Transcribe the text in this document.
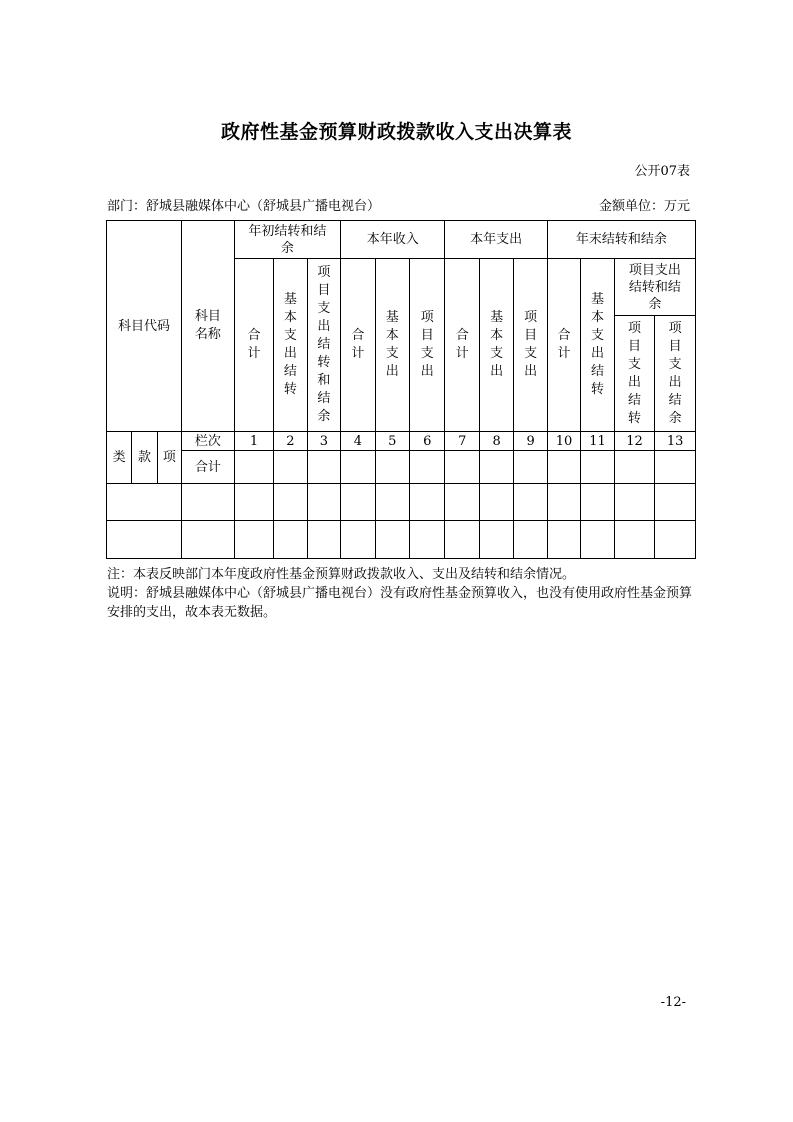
政府性基金预算财政拨款收入支出决算表
公开07表
部门：舒城县融媒体中心（舒城县广播电视台）	金额单位：万元
科目代码			科目名称	年初结转和结余			本年收入			本年支出			年末结转和结余			
				合计	基本支出结转	项目支出结转和结余	合计	基本支出	项目支出	合计	基本支出	项目支出	合计	基本支出结转	项目支出结转和结余	
															项目支出结转	项目支出结余
类	款	项	栏次	1	2	3	4	5	6	7	8	9	10	11	12	13
			合计													

注：本表反映部门本年度政府性基金预算财政拨款收入、支出及结转和结余情况。
说明：舒城县融媒体中心（舒城县广播电视台）没有政府性基金预算收入，也没有使用政府性基金预算安排的支出，故本表无数据。
-12-
